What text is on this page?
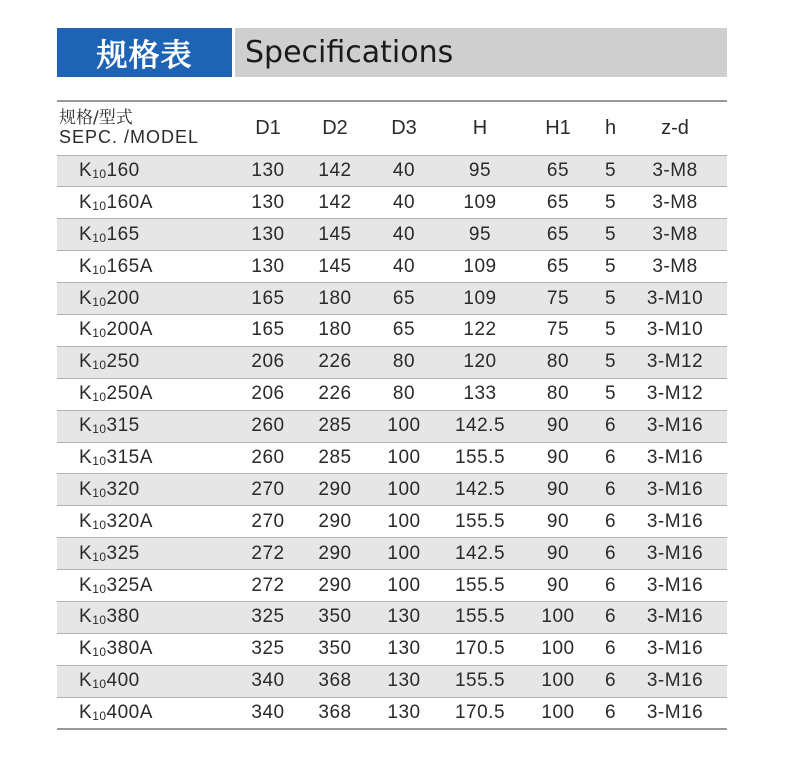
规格表	Specifications
规格/型式
SEPC. /MODEL	D1	D2	D3	H	H1	h	z-d
K10160	130	142	40	95	65	5	3-M8
K10160A	130	142	40	109	65	5	3-M8
K10165	130	145	40	95	65	5	3-M8
K10165A	130	145	40	109	65	5	3-M8
K10200	165	180	65	109	75	5	3-M10
K10200A	165	180	65	122	75	5	3-M10
K10250	206	226	80	120	80	5	3-M12
K10250A	206	226	80	133	80	5	3-M12
K10315	260	285	100	142.5	90	6	3-M16
K10315A	260	285	100	155.5	90	6	3-M16
K10320	270	290	100	142.5	90	6	3-M16
K10320A	270	290	100	155.5	90	6	3-M16
K10325	272	290	100	142.5	90	6	3-M16
K10325A	272	290	100	155.5	90	6	3-M16
K10380	325	350	130	155.5	100	6	3-M16
K10380A	325	350	130	170.5	100	6	3-M16
K10400	340	368	130	155.5	100	6	3-M16
K10400A	340	368	130	170.5	100	6	3-M16
